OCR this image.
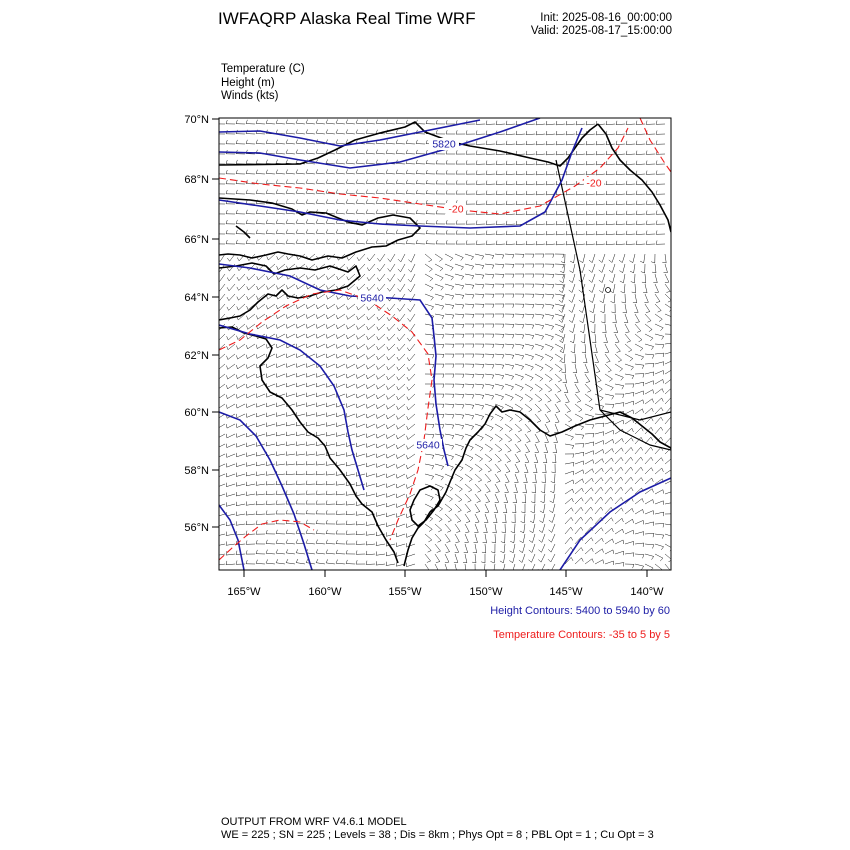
IWFAQRP Alaska Real Time WRF	Init: 2025-08-16_00:00:00
Valid: 2025-08-17_15:00:00
Temperature (C)
Height (m)
Winds (kts)
5820
5640
5640
-20
-20
70°N
68°N
66°N
64°N
62°N
60°N
58°N
56°N
165°W	160°W	155°W	150°W	145°W	140°W
Height Contours: 5400 to 5940 by 60
Temperature Contours: -35 to 5 by 5
OUTPUT FROM WRF V4.6.1 MODEL
WE = 225 ; SN = 225 ; Levels = 38 ; Dis = 8km ; Phys Opt = 8 ; PBL Opt = 1 ; Cu Opt = 3
